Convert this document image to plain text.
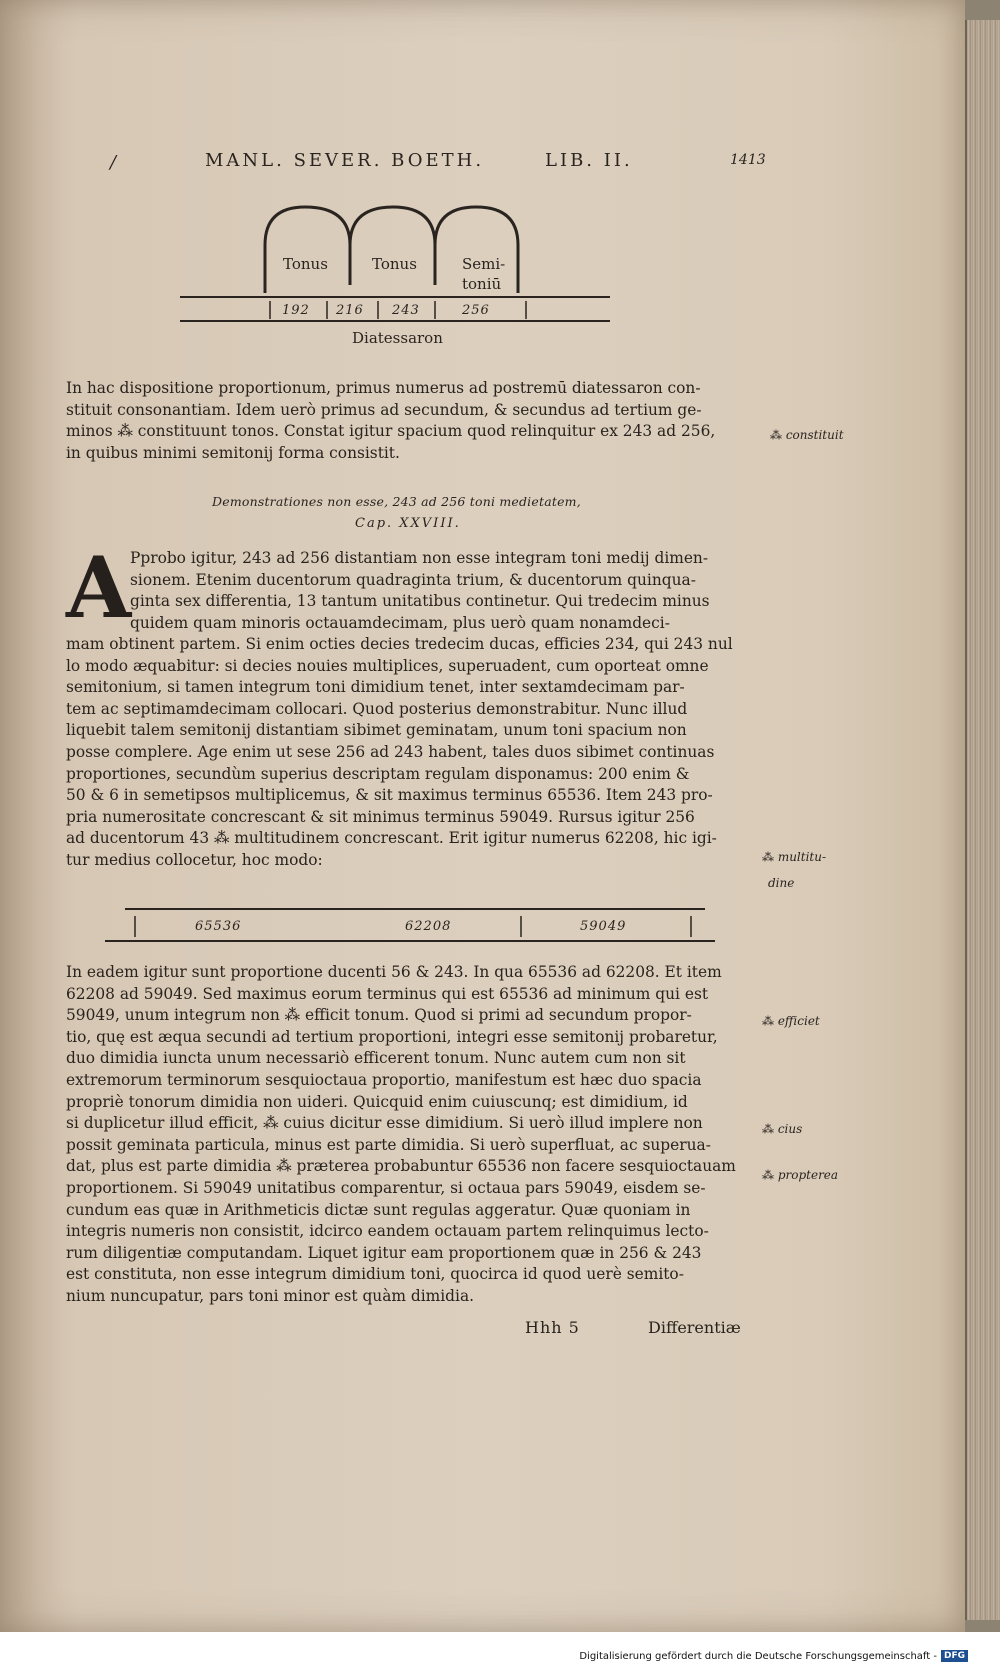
/	MANL. SEVER. BOETH.	LIB. II.	1413
Tonus	Tonus	Semi-
toniū
192 216 243	256
Diatessaron
In hac dispositione proportionum, primus numerus ad postremū diatessaron con-
stituit consonantiam. Idem uerò primus ad secundum, & secundus ad tertium ge-
minos ⁂ constituunt tonos. Constat igitur spacium quod relinquitur ex 243 ad 256,
in quibus minimi semitonij forma consistit.
⁂ constituit
Demonstrationes non esse, 243 ad 256 toni medietatem,
Cap. XXVIII.
A
Pprobo igitur, 243 ad 256 distantiam non esse integram toni medij dimen-
sionem. Etenim ducentorum quadraginta trium, & ducentorum quinqua-
ginta sex differentia, 13 tantum unitatibus continetur. Qui tredecim minus
quidem quam minoris octauamdecimam, plus uerò quam nonamdeci-
mam obtinent partem. Si enim octies decies tredecim ducas, efficies 234, qui 243 nul
lo modo æquabitur: si decies nouies multiplices, superuadent, cum oporteat omne
semitonium, si tamen integrum toni dimidium tenet, inter sextamdecimam par-
tem ac septimamdecimam collocari. Quod posterius demonstrabitur. Nunc illud
liquebit talem semitonij distantiam sibimet geminatam, unum toni spacium non
posse complere. Age enim ut sese 256 ad 243 habent, tales duos sibimet continuas
proportiones, secundùm superius descriptam regulam disponamus: 200 enim &
50 & 6 in semetipsos multiplicemus, & sit maximus terminus 65536. Item 243 pro-
pria numerositate concrescant & sit minimus terminus 59049. Rursus igitur 256
ad ducentorum 43 ⁂ multitudinem concrescant. Erit igitur numerus 62208, hic igi-
tur medius collocetur, hoc modo:	⁂ multitu-
dine
65536	62208	59049
In eadem igitur sunt proportione ducenti 56 & 243. In qua 65536 ad 62208. Et item
62208 ad 59049. Sed maximus eorum terminus qui est 65536 ad minimum qui est
59049, unum integrum non ⁂ efficit tonum. Quod si primi ad secundum propor-
tio, quę est æqua secundi ad tertium proportioni, integri esse semitonij probaretur,
duo dimidia iuncta unum necessariò efficerent tonum. Nunc autem cum non sit
extremorum terminorum sesquioctaua proportio, manifestum est hæc duo spacia
propriè tonorum dimidia non uideri. Quicquid enim cuiuscunq; est dimidium, id
si duplicetur illud efficit, ⁂ cuius dicitur esse dimidium. Si uerò illud implere non
possit geminata particula, minus est parte dimidia. Si uerò superfluat, ac superua-
dat, plus est parte dimidia ⁂ præterea probabuntur 65536 non facere sesquioctauam
proportionem. Si 59049 unitatibus comparentur, si octaua pars 59049, eisdem se-
cundum eas quæ in Arithmeticis dictæ sunt regulas aggeratur. Quæ quoniam in
integris numeris non consistit, idcirco eandem octauam partem relinquimus lecto-
rum diligentiæ computandam. Liquet igitur eam proportionem quæ in 256 & 243
est constituta, non esse integrum dimidium toni, quocirca id quod uerè semito-
nium nuncupatur, pars toni minor est quàm dimidia.
⁂ efficiet
⁂ cius
⁂ propterea
Hhh 5	Differentiæ
Digitalisierung gefördert durch die Deutsche Forschungsgemeinschaft - DFG
